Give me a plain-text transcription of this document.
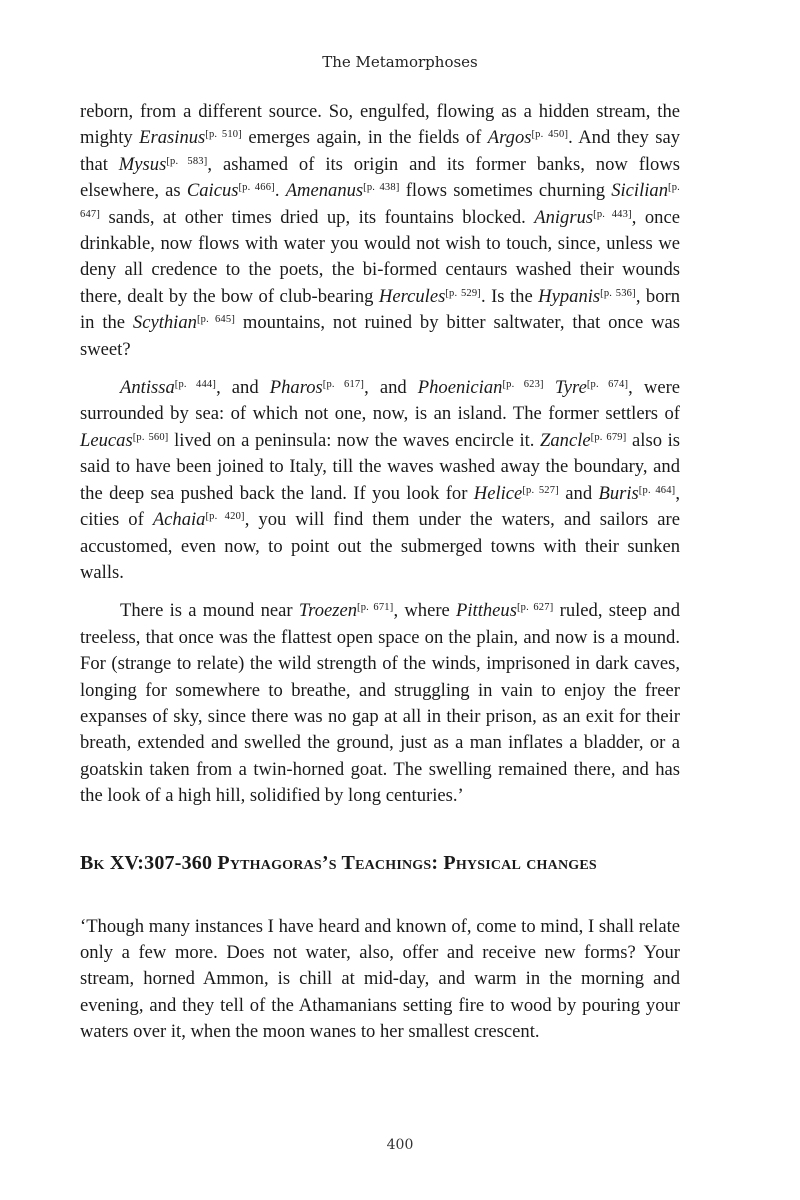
The Metamorphoses

reborn, from a different source. So, engulfed, flowing as a hidden stream, the mighty Erasinus[p. 510] emerges again, in the fields of Argos[p. 450]. And they say that Mysus[p. 583], ashamed of its origin and its former banks, now flows elsewhere, as Caicus[p. 466]. Amenanus[p. 438] flows sometimes churning Sicilian[p. 647] sands, at other times dried up, its fountains blocked. Anigrus[p. 443], once drinkable, now flows with water you would not wish to touch, since, unless we deny all credence to the poets, the bi-formed centaurs washed their wounds there, dealt by the bow of club-bearing Hercules[p. 529]. Is the Hypanis[p. 536], born in the Scythian[p. 645] mountains, not ruined by bitter saltwater, that once was sweet?

Antissa[p. 444], and Pharos[p. 617], and Phoenician[p. 623] Tyre[p. 674], were surrounded by sea: of which not one, now, is an island. The former settlers of Leucas[p. 560] lived on a peninsula: now the waves encircle it. Zancle[p. 679] also is said to have been joined to Italy, till the waves washed away the boundary, and the deep sea pushed back the land. If you look for Helice[p. 527] and Buris[p. 464], cities of Achaia[p. 420], you will find them under the waters, and sailors are accustomed, even now, to point out the submerged towns with their sunken walls.

There is a mound near Troezen[p. 671], where Pittheus[p. 627] ruled, steep and treeless, that once was the flattest open space on the plain, and now is a mound. For (strange to relate) the wild strength of the winds, imprisoned in dark caves, longing for somewhere to breathe, and struggling in vain to enjoy the freer expanses of sky, since there was no gap at all in their prison, as an exit for their breath, extended and swelled the ground, just as a man inflates a bladder, or a goatskin taken from a twin-horned goat. The swelling remained there, and has the look of a high hill, solidified by long centuries.’

Bk XV:307-360 Pythagoras’s Teachings: Physical changes

‘Though many instances I have heard and known of, come to mind, I shall relate only a few more. Does not water, also, offer and receive new forms? Your stream, horned Ammon, is chill at mid-day, and warm in the morning and evening, and they tell of the Athamanians setting fire to wood by pouring your waters over it, when the moon wanes to her smallest crescent.

400
